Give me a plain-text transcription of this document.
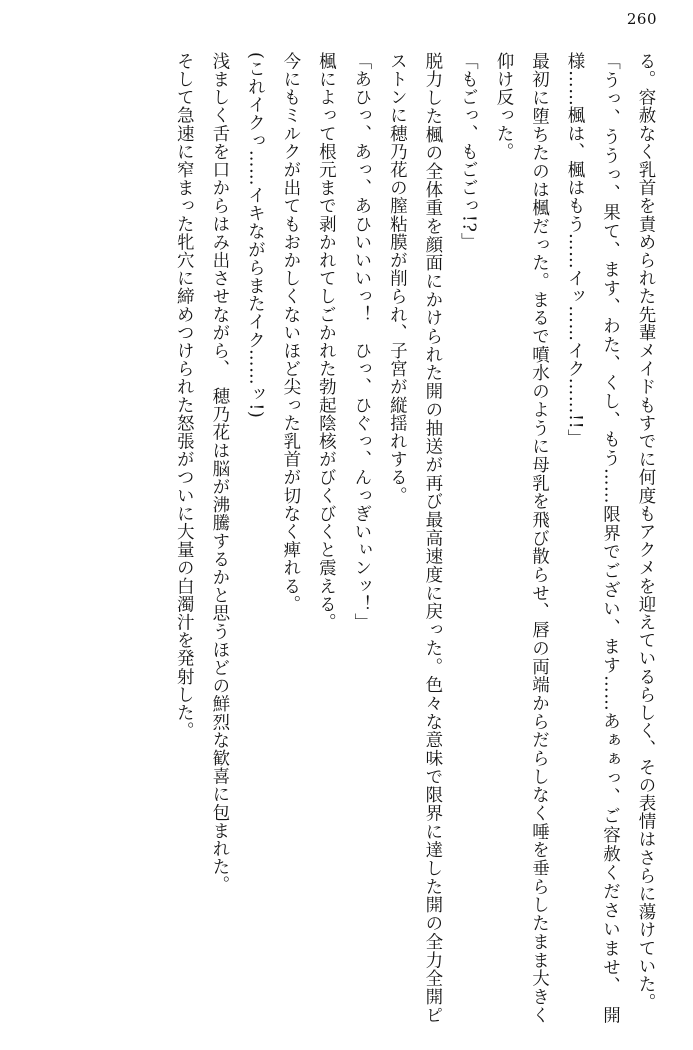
260

る。容赦なく乳首を責められた先輩メイドもすでに何度もアクメを迎えているらしく、その表情はさらに蕩けていた。

「うっ、ううっ、果て、ます、わた、くし、もう……限界でござい、ます……あぁぁっ、ご容赦くださいませ、　開様……楓は、楓はもう……イッ……イク……!!」

最初に堕ちたのは楓だった。まるで噴水のように母乳を飛び散らせ、唇の両端からだらしなく唾を垂らしたまま大きく仰け反った。

「もごっ、もごごっ!?」

脱力した楓の全体重を顔面にかけられた開の抽送が再び最高速度に戻った。色々な意味で限界に達した開の全力全開ピストンに穂乃花の膣粘膜が削られ、子宮が縦揺れする。

「あひっ、あっ、あひいいいっ！　ひっ、ひぐっ、んっぎいぃンッ！」

楓によって根元まで剥かれてしごかれた勃起陰核がびくびくと震える。

今にもミルクが出てもおかしくないほど尖った乳首が切なく痺れる。

(これイクっ……イキながらまたイク……ッ!)

浅ましく舌を口からはみ出させながら、　穂乃花は脳が沸騰するかと思うほどの鮮烈な歓喜に包まれた。

そして急速に窄まった牝穴に締めつけられた怒張がついに大量の白濁汁を発射した。
